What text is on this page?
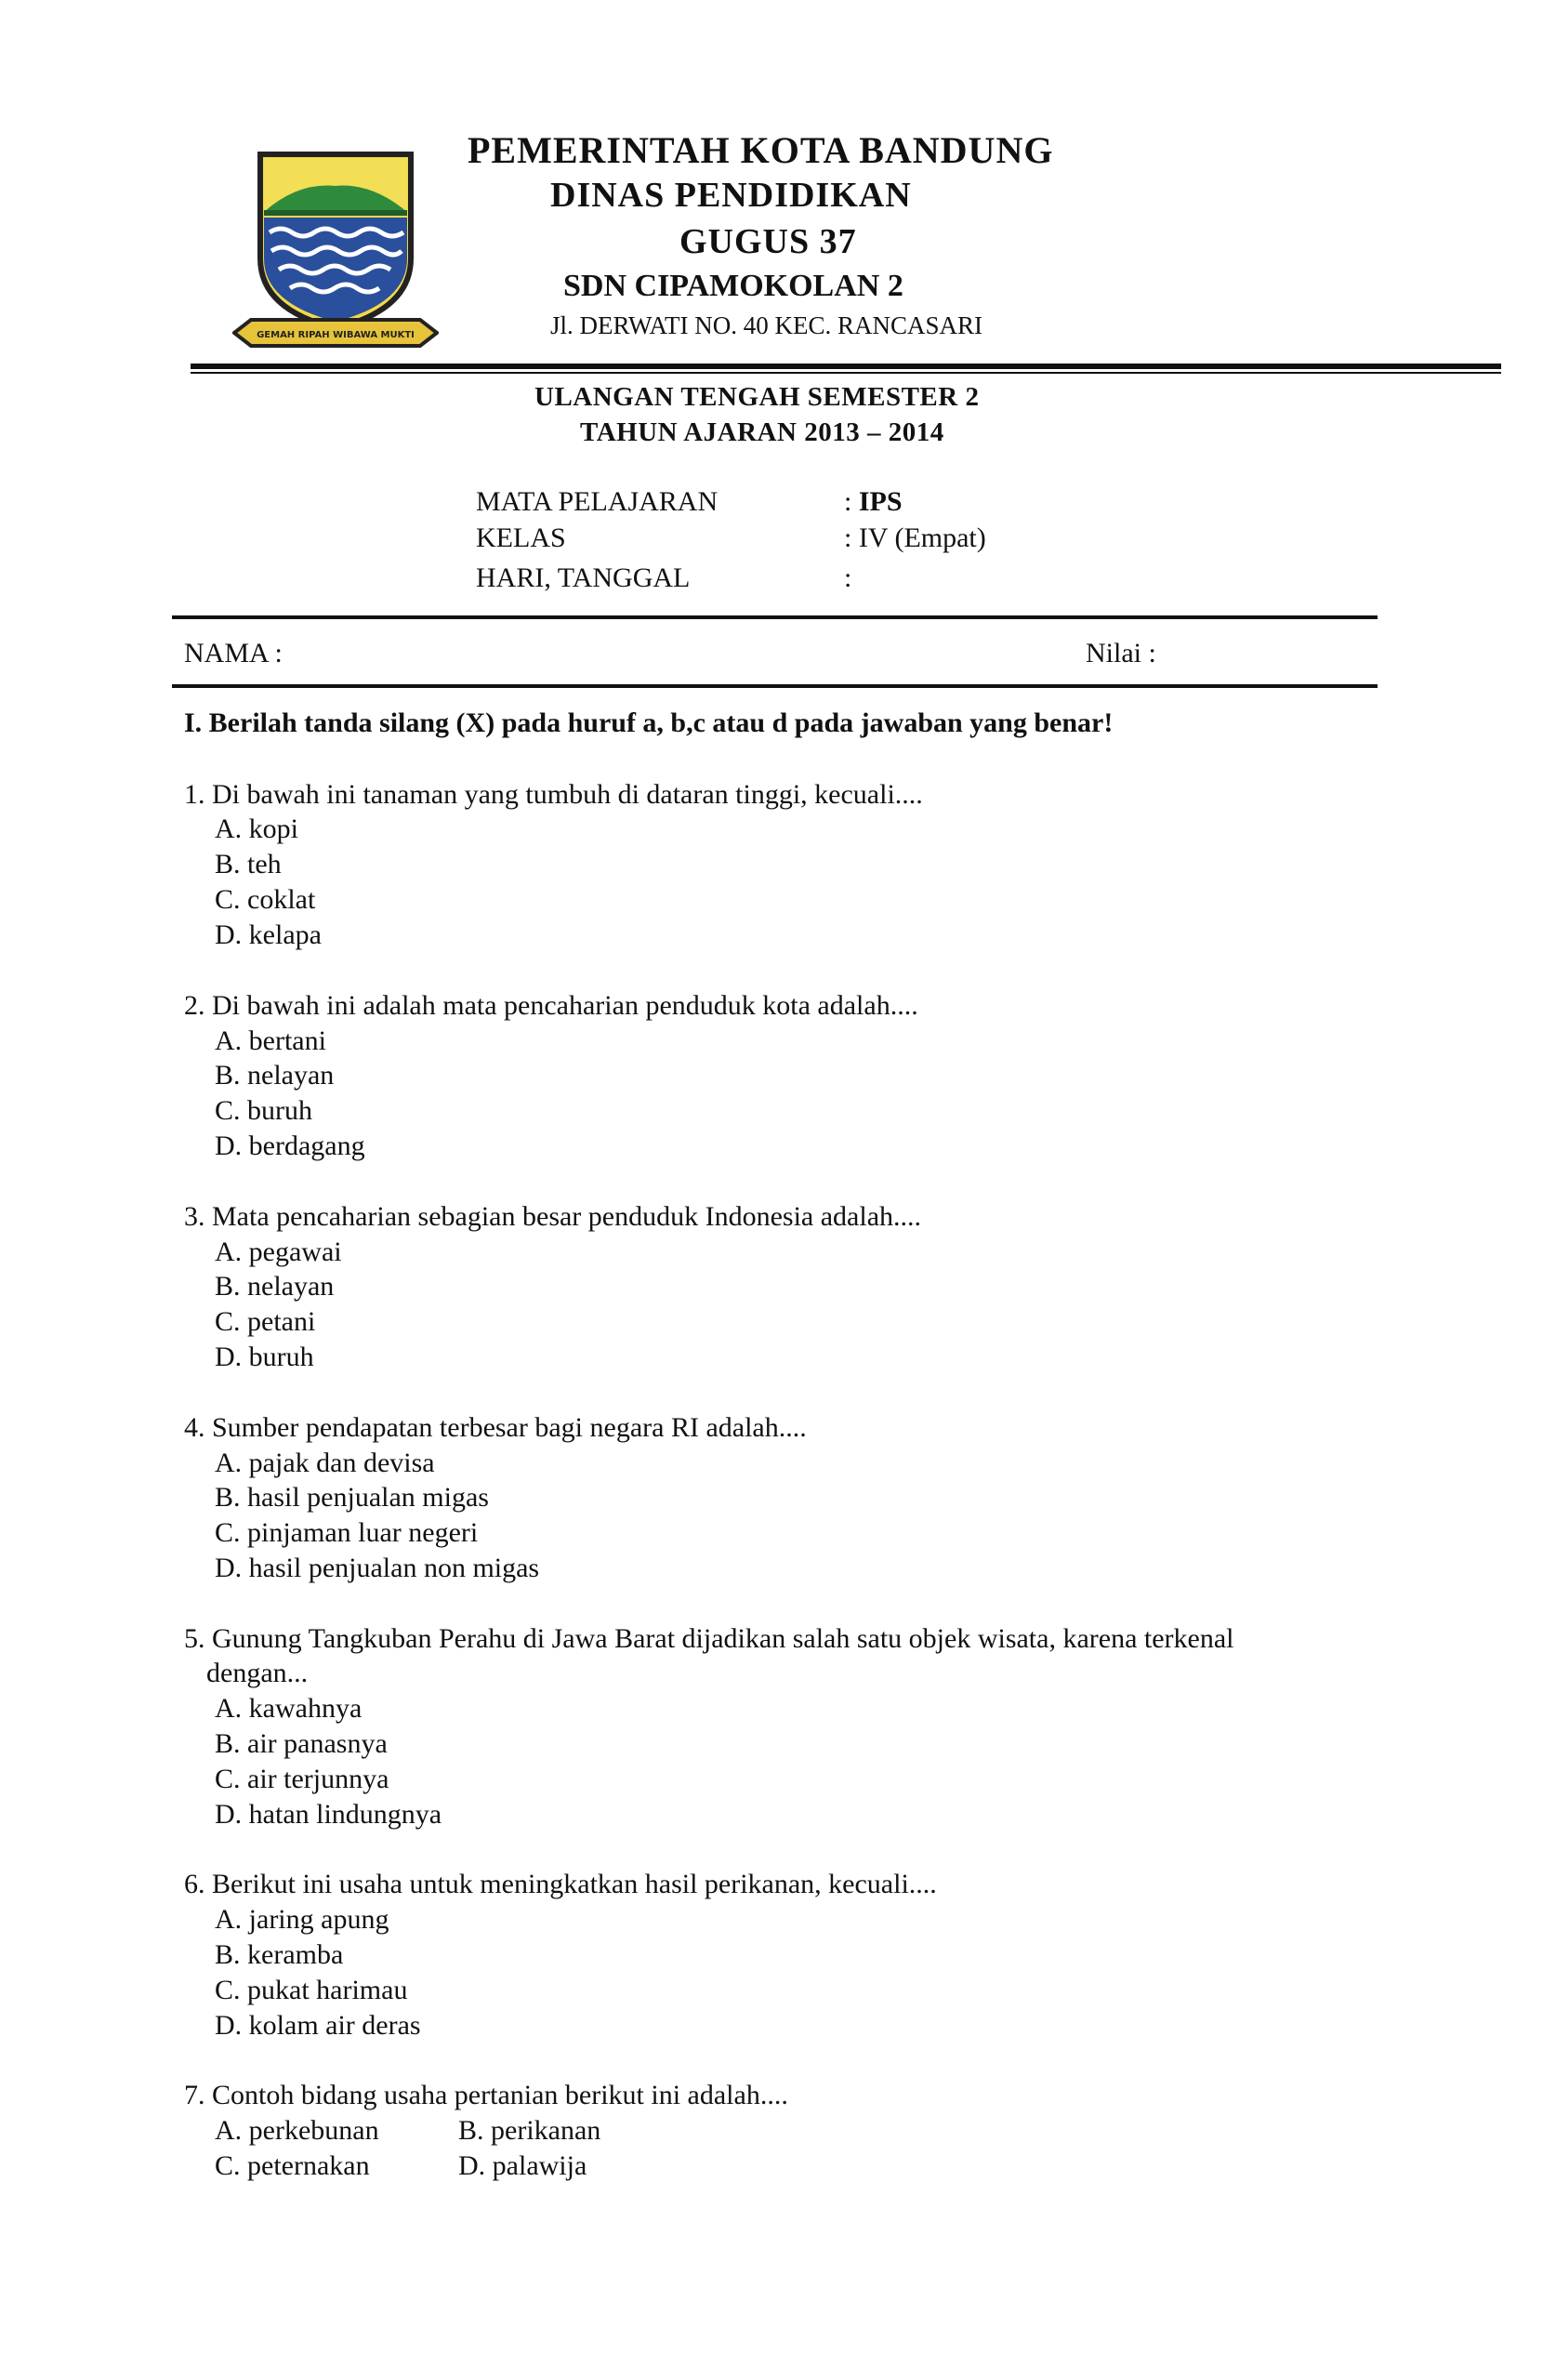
GEMAH RIPAH WIBAWA MUKTI
PEMERINTAH KOTA BANDUNG
DINAS PENDIDIKAN
GUGUS 37
SDN CIPAMOKOLAN 2
Jl. DERWATI NO. 40 KEC. RANCASARI
ULANGAN TENGAH SEMESTER 2
TAHUN AJARAN 2013 – 2014
MATA PELAJARAN	: IPS
KELAS	: IV (Empat)
HARI, TANGGAL	:
NAMA :	Nilai :
I. Berilah tanda silang (X) pada huruf a, b,c atau d pada jawaban yang benar!
1. Di bawah ini tanaman yang tumbuh di dataran tinggi, kecuali....
A. kopi
B. teh
C. coklat
D. kelapa
2. Di bawah ini adalah mata pencaharian penduduk kota adalah....
A. bertani
B. nelayan
C. buruh
D. berdagang
3. Mata pencaharian sebagian besar penduduk Indonesia adalah....
A. pegawai
B. nelayan
C. petani
D. buruh
4. Sumber pendapatan terbesar bagi negara RI adalah....
A. pajak dan devisa
B. hasil penjualan migas
C. pinjaman luar negeri
D. hasil penjualan non migas
5. Gunung Tangkuban Perahu di Jawa Barat dijadikan salah satu objek wisata, karena terkenal
dengan...
A. kawahnya
B. air panasnya
C. air terjunnya
D. hatan lindungnya
6. Berikut ini usaha untuk meningkatkan hasil perikanan, kecuali....
A. jaring apung
B. keramba
C. pukat harimau
D. kolam air deras
7. Contoh bidang usaha pertanian berikut ini adalah....
A. perkebunan	B. perikanan
C. peternakan	D. palawija
